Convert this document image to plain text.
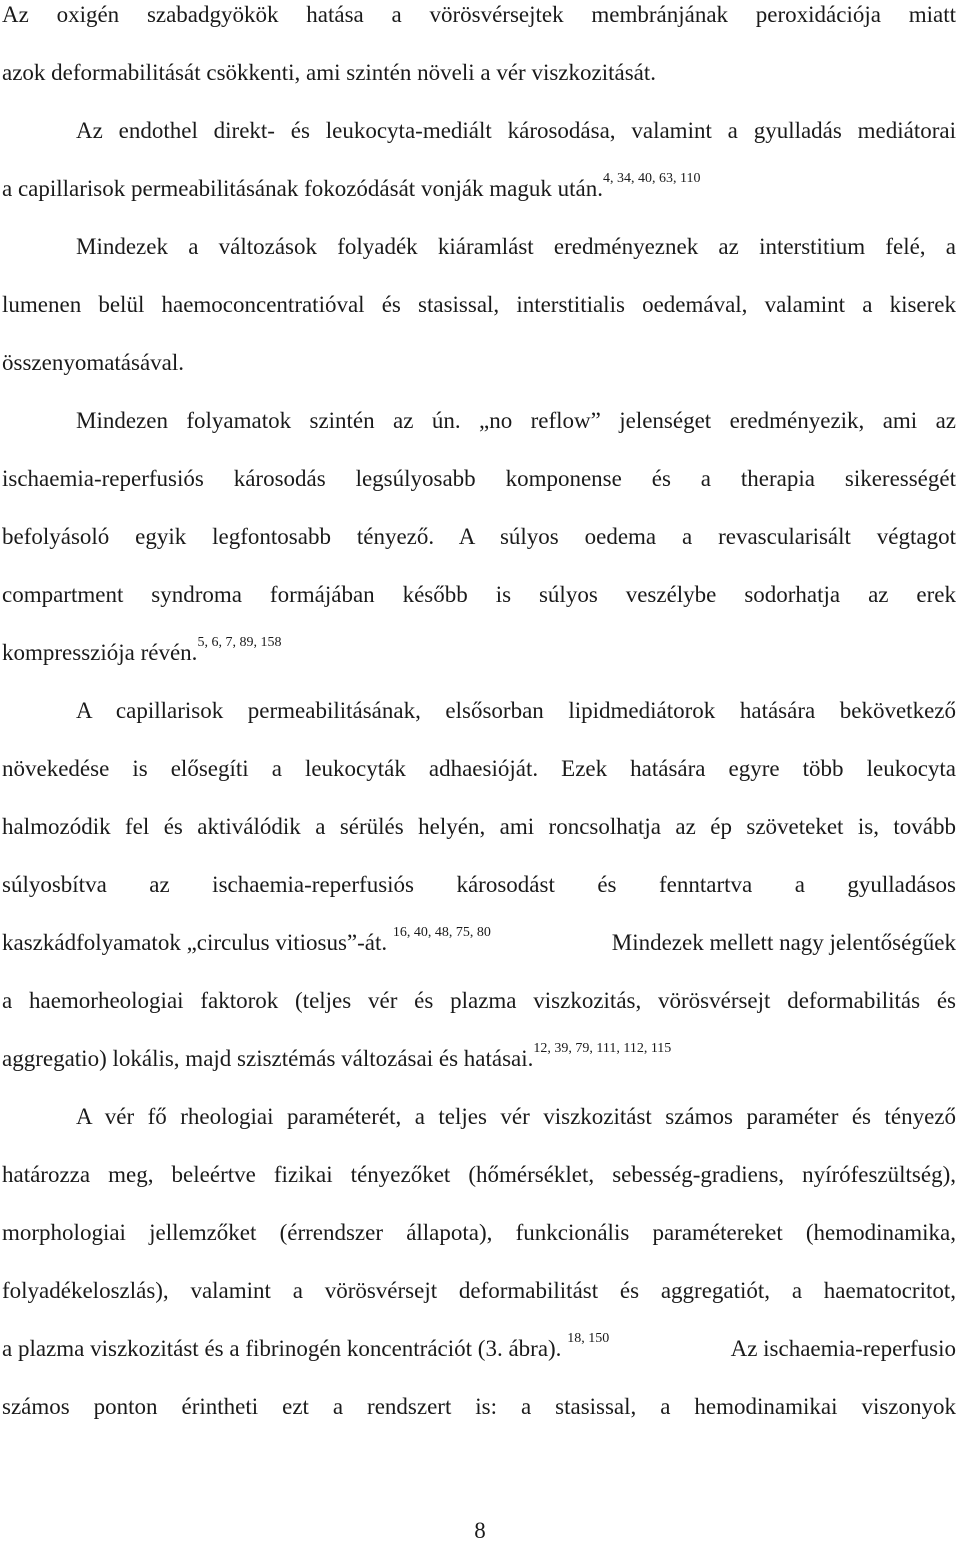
Az oxigén szabadgyökök hatása a vörösvérsejtek membránjának peroxidációja miatt
azok deformabilitását csökkenti, ami szintén növeli a vér viszkozitását.
Az endothel direkt- és leukocyta-mediált károsodása, valamint a gyulladás mediátorai
a capillarisok permeabilitásának fokozódását vonják maguk után.$^{4, 34, 40, 63, 110}$
Mindezek a változások folyadék kiáramlást eredményeznek az interstitium felé, a
lumenen belül haemoconcentratióval és stasissal, interstitialis oedemával, valamint a kiserek
összenyomatásával.
Mindezen folyamatok szintén az ún. „no reflow” jelenséget eredményezik, ami az
ischaemia-reperfusiós károsodás legsúlyosabb komponense és a therapia sikerességét
befolyásoló egyik legfontosabb tényező. A súlyos oedema a revascularisált végtagot
compartment syndroma formájában később is súlyos veszélybe sodorhatja az erek
kompressziója révén.$^{5, 6, 7, 89, 158}$
A capillarisok permeabilitásának, elsősorban lipidmediátorok hatására bekövetkező
növekedése is elősegíti a leukocyták adhaesióját. Ezek hatására egyre több leukocyta
halmozódik fel és aktiválódik a sérülés helyén, ami roncsolhatja az ép szöveteket is, tovább
súlyosbítva az ischaemia-reperfusiós károsodást és fenntartva a gyulladásos
kaszkádfolyamatok „circulus vitiosus”-át. $^{16, 40, 48, 75, 80}$	Mindezek mellett nagy jelentőségűek
a haemorheologiai faktorok (teljes vér és plazma viszkozitás, vörösvérsejt deformabilitás és
aggregatio) lokális, majd szisztémás változásai és hatásai.$^{12, 39, 79, 111, 112, 115}$
A vér fő rheologiai paraméterét, a teljes vér viszkozitást számos paraméter és tényező
határozza meg, beleértve fizikai tényezőket (hőmérséklet, sebesség-gradiens, nyírófeszültség),
morphologiai jellemzőket (érrendszer állapota), funkcionális paramétereket (hemodinamika,
folyadékeloszlás), valamint a vörösvérsejt deformabilitást és aggregatiót, a haematocritot,
a plazma viszkozitást és a fibrinogén koncentrációt (3. ábra). $^{18, 150}$	Az ischaemia-reperfusio
számos ponton érintheti ezt a rendszert is: a stasissal, a hemodinamikai viszonyok
8
